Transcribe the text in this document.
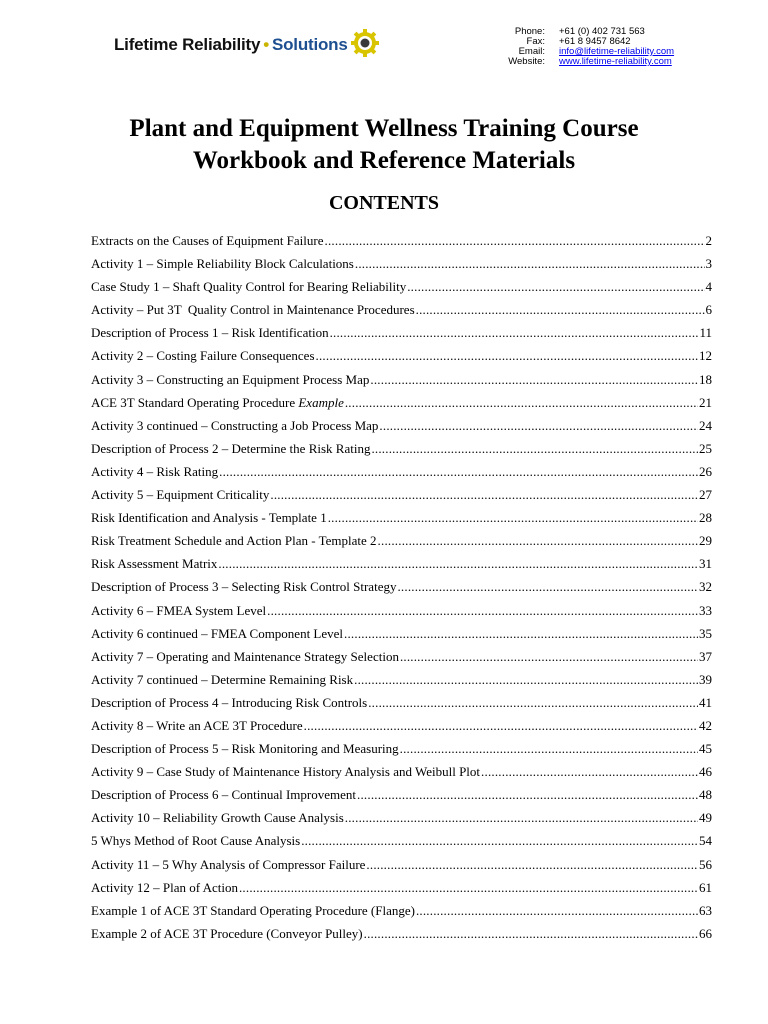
Lifetime Reliability • Solutions
Phone:	+61 (0) 402 731 563
Fax:	+61 8 9457 8642
Email:	info@lifetime-reliability.com
Website:	www.lifetime-reliability.com
Plant and Equipment Wellness Training Course
Workbook and Reference Materials
CONTENTS
Extracts on the Causes of Equipment Failure .....	2
Activity 1 – Simple Reliability Block Calculations .....	3
Case Study 1 – Shaft Quality Control for Bearing Reliability .....	4
Activity – Put 3T  Quality Control in Maintenance Procedures .....	6
Description of Process 1 – Risk Identification .....	11
Activity 2 – Costing Failure Consequences .....	12
Activity 3 – Constructing an Equipment Process Map .....	18
ACE 3T Standard Operating Procedure Example .....	21
Activity 3 continued – Constructing a Job Process Map .....	24
Description of Process 2 – Determine the Risk Rating .....	25
Activity 4 – Risk Rating .....	26
Activity 5 – Equipment Criticality .....	27
Risk Identification and Analysis - Template 1 .....	28
Risk Treatment Schedule and Action Plan - Template 2 .....	29
Risk Assessment Matrix .....	31
Description of Process 3 – Selecting Risk Control Strategy .....	32
Activity 6 – FMEA System Level .....	33
Activity 6 continued – FMEA Component Level .....	35
Activity 7 – Operating and Maintenance Strategy Selection .....	37
Activity 7 continued – Determine Remaining Risk .....	39
Description of Process 4 – Introducing Risk Controls .....	41
Activity 8 – Write an ACE 3T Procedure .....	42
Description of Process 5 – Risk Monitoring and Measuring .....	45
Activity 9 – Case Study of Maintenance History Analysis and Weibull Plot .....	46
Description of Process 6 – Continual Improvement .....	48
Activity 10 – Reliability Growth Cause Analysis .....	49
5 Whys Method of Root Cause Analysis .....	54
Activity 11 – 5 Why Analysis of Compressor Failure .....	56
Activity 12 – Plan of Action .....	61
Example 1 of ACE 3T Standard Operating Procedure (Flange) .....	63
Example 2 of ACE 3T Procedure (Conveyor Pulley) .....	66
